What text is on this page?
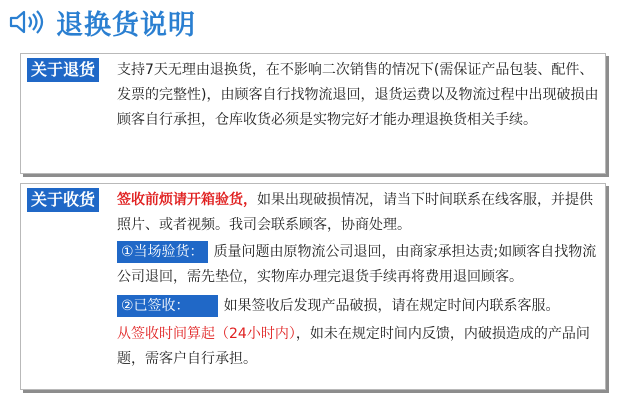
退换货说明
关于退货 支持7天无理由退换货，在不影响二次销售的情况下(需保证产品包装、配件、发票的完整性)，由顾客自行找物流退回，退货运费以及物流过程中出现破损由顾客自行承担，仓库收货必须是实物完好才能办理退换货相关手续。
关于收货 签收前烦请开箱验货，如果出现破损情况，请当下时间联系在线客服，并提供照片、或者视频。我司会联系顾客，协商处理。
①当场验货： 质量问题由原物流公司退回，由商家承担达责;如顾客自找物流公司退回，需先垫位，实物库办理完退货手续再将费用退回顾客。
②已签收： 如果签收后发现产品破损，请在规定时间内联系客服。
从签收时间算起（24小时内），如未在规定时间内反馈，内破损造成的产品问题，需客户自行承担。
